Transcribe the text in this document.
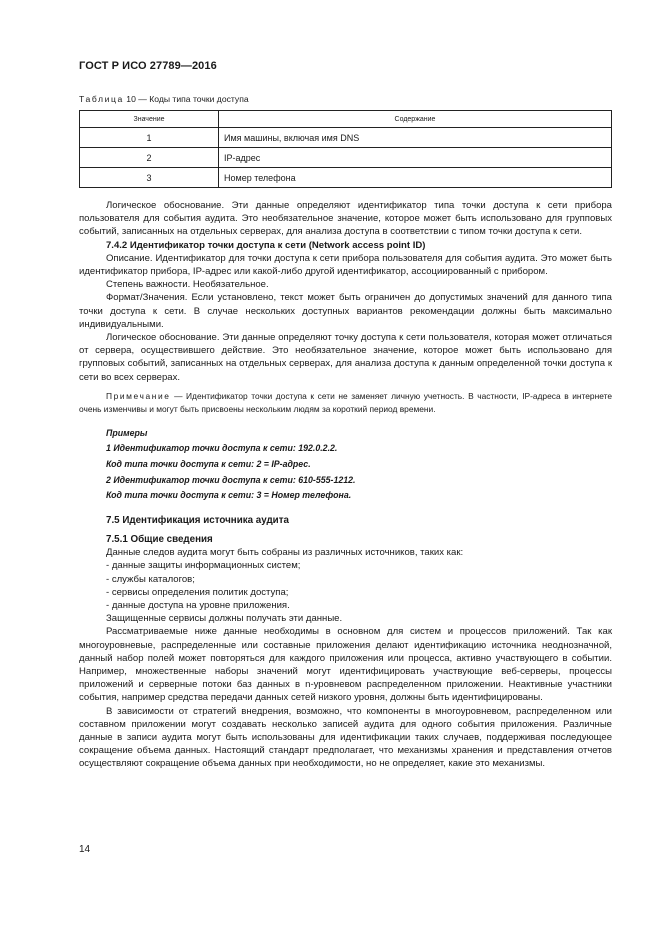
ГОСТ Р ИСО 27789—2016
Таблица 10 — Коды типа точки доступа
Значение	Содержание
1	Имя машины, включая имя DNS
2	IP-адрес
3	Номер телефона

Логическое обоснование. Эти данные определяют идентификатор типа точки доступа к сети прибора пользователя для события аудита. Это необязательное значение, которое может быть использовано для групповых событий, записанных на отдельных серверах, для анализа доступа в соответствии с типом точки доступа к сети.

7.4.2 Идентификатор точки доступа к сети (Network access point ID)

Описание. Идентификатор для точки доступа к сети прибора пользователя для события аудита. Это может быть идентификатор прибора, IP-адрес или какой-либо другой идентификатор, ассоциированный с прибором.

Степень важности. Необязательное.

Формат/Значения. Если установлено, текст может быть ограничен до допустимых значений для данного типа точки доступа к сети. В случае нескольких доступных вариантов рекомендации должны быть максимально индивидуальными.

Логическое обоснование. Эти данные определяют точку доступа к сети пользователя, которая может отличаться от сервера, осуществившего действие. Это необязательное значение, которое может быть использовано для групповых событий, записанных на отдельных серверах, для анализа доступа к данным определенной точки доступа к сети во всех серверах.

Примечание — Идентификатор точки доступа к сети не заменяет личную учетность. В частности, IP-адреса в интернете очень изменчивы и могут быть присвоены нескольким людям за короткий период времени.

Примеры

1 Идентификатор точки доступа к сети: 192.0.2.2.

Код типа точки доступа к сети: 2 = IP-адрес.

2 Идентификатор точки доступа к сети: 610-555-1212.

Код типа точки доступа к сети: 3 = Номер телефона.

7.5 Идентификация источника аудита
7.5.1 Общие сведения

Данные следов аудита могут быть собраны из различных источников, таких как:

- данные защиты информационных систем;

- службы каталогов;

- сервисы определения политик доступа;

- данные доступа на уровне приложения.

Защищенные сервисы должны получать эти данные.

Рассматриваемые ниже данные необходимы в основном для систем и процессов приложений. Так как многоуровневые, распределенные или составные приложения делают идентификацию источника неоднозначной, данный набор полей может повторяться для каждого приложения или процесса, активно участвующего в событии. Например, множественные наборы значений могут идентифицировать участвующие веб-серверы, процессы приложений и серверные потоки баз данных в n-уровневом распределенном приложении. Неактивные участники события, например средства передачи данных сетей низкого уровня, должны быть идентифицированы.

В зависимости от стратегий внедрения, возможно, что компоненты в многоуровневом, распределенном или составном приложении могут создавать несколько записей аудита для одного события приложения. Различные данные в записи аудита могут быть использованы для идентификации таких случаев, поддерживая последующее сокращение объема данных. Настоящий стандарт предполагает, что механизмы хранения и представления отчетов осуществляют сокращение объема данных при необходимости, но не определяет, какие это механизмы.

14
